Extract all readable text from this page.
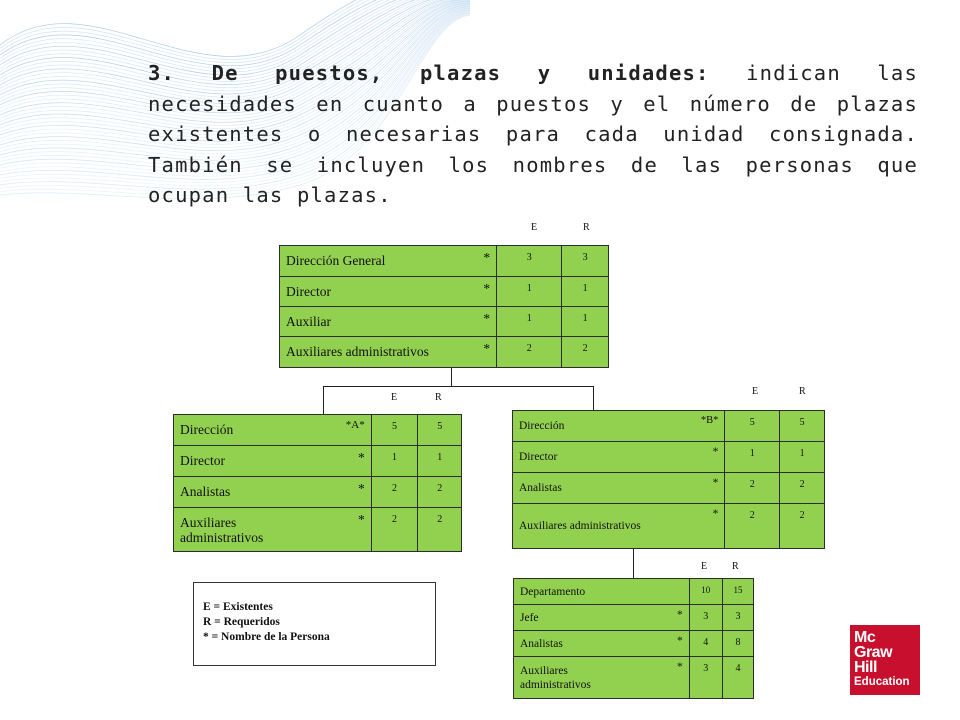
3. De puestos, plazas y unidades: indican las necesidades en cuanto a puestos y el número de plazas existentes o necesarias para cada unidad consignada. También se incluyen los nombres de las personas que ocupan las plazas.

E	R
Dirección General	*	3	3
Director	*	1	1
Auxiliar	*	1	1
Auxiliares administrativos	*	2	2
E	R
Dirección	*A*	5	5
Director	*	1	1
Analistas	*	2	2
Auxiliares administrativos	*	2	2
E	R
Dirección	*B*	5	5
Director	*	1	1
Analistas	*	2	2
Auxiliares administrativos	*	2	2
E R
Departamento		10	15
Jefe	*	3	3
Analistas	*	4	8
Auxiliares administrativos	*	3	4
E = Existentes
R = Requeridos
* = Nombre de la Persona	Mc
Graw
Hill
Education
